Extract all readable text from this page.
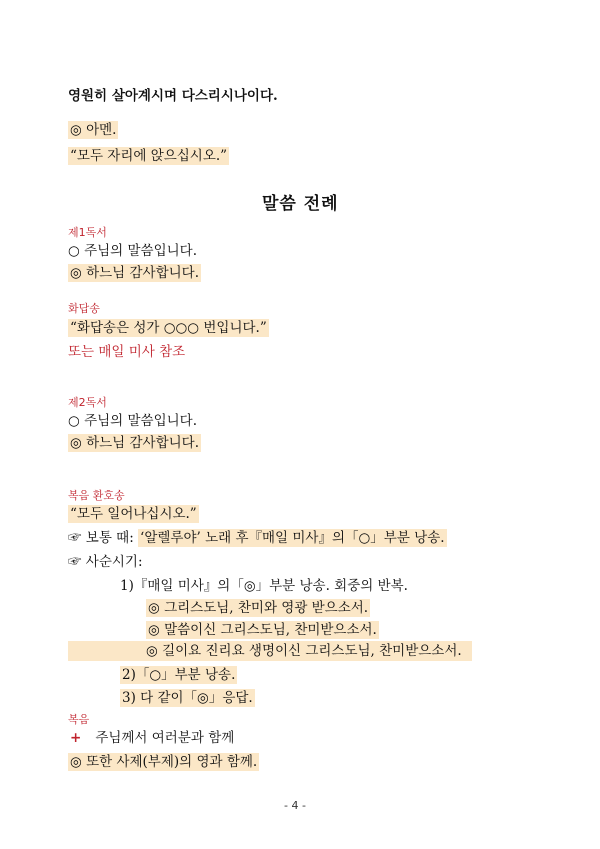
영원히 살아계시며 다스리시나이다.
◎ 아멘.
“모두 자리에 앉으십시오.”
말씀 전례
제1독서
○ 주님의 말씀입니다.
◎ 하느님 감사합니다.
화답송
“화답송은 성가 ○○○ 번입니다.”
또는 매일 미사 참조
제2독서
○ 주님의 말씀입니다.
◎ 하느님 감사합니다.
복음 환호송
“모두 일어나십시오.”
☞ 보통 때: ‘알렐루야’ 노래 후『매일 미사』의「○」부분 낭송.
☞ 사순시기:
1)『매일 미사』의「◎」부분 낭송. 회중의 반복.
◎ 그리스도님, 찬미와 영광 받으소서.
◎ 말씀이신 그리스도님, 찬미받으소서.
◎ 길이요 진리요 생명이신 그리스도님, 찬미받으소서.
2)「○」부분 낭송.
3) 다 같이「◎」응답.
복음
+ 주님께서 여러분과 함께
◎ 또한 사제(부제)의 영과 함께.
- 4 -
